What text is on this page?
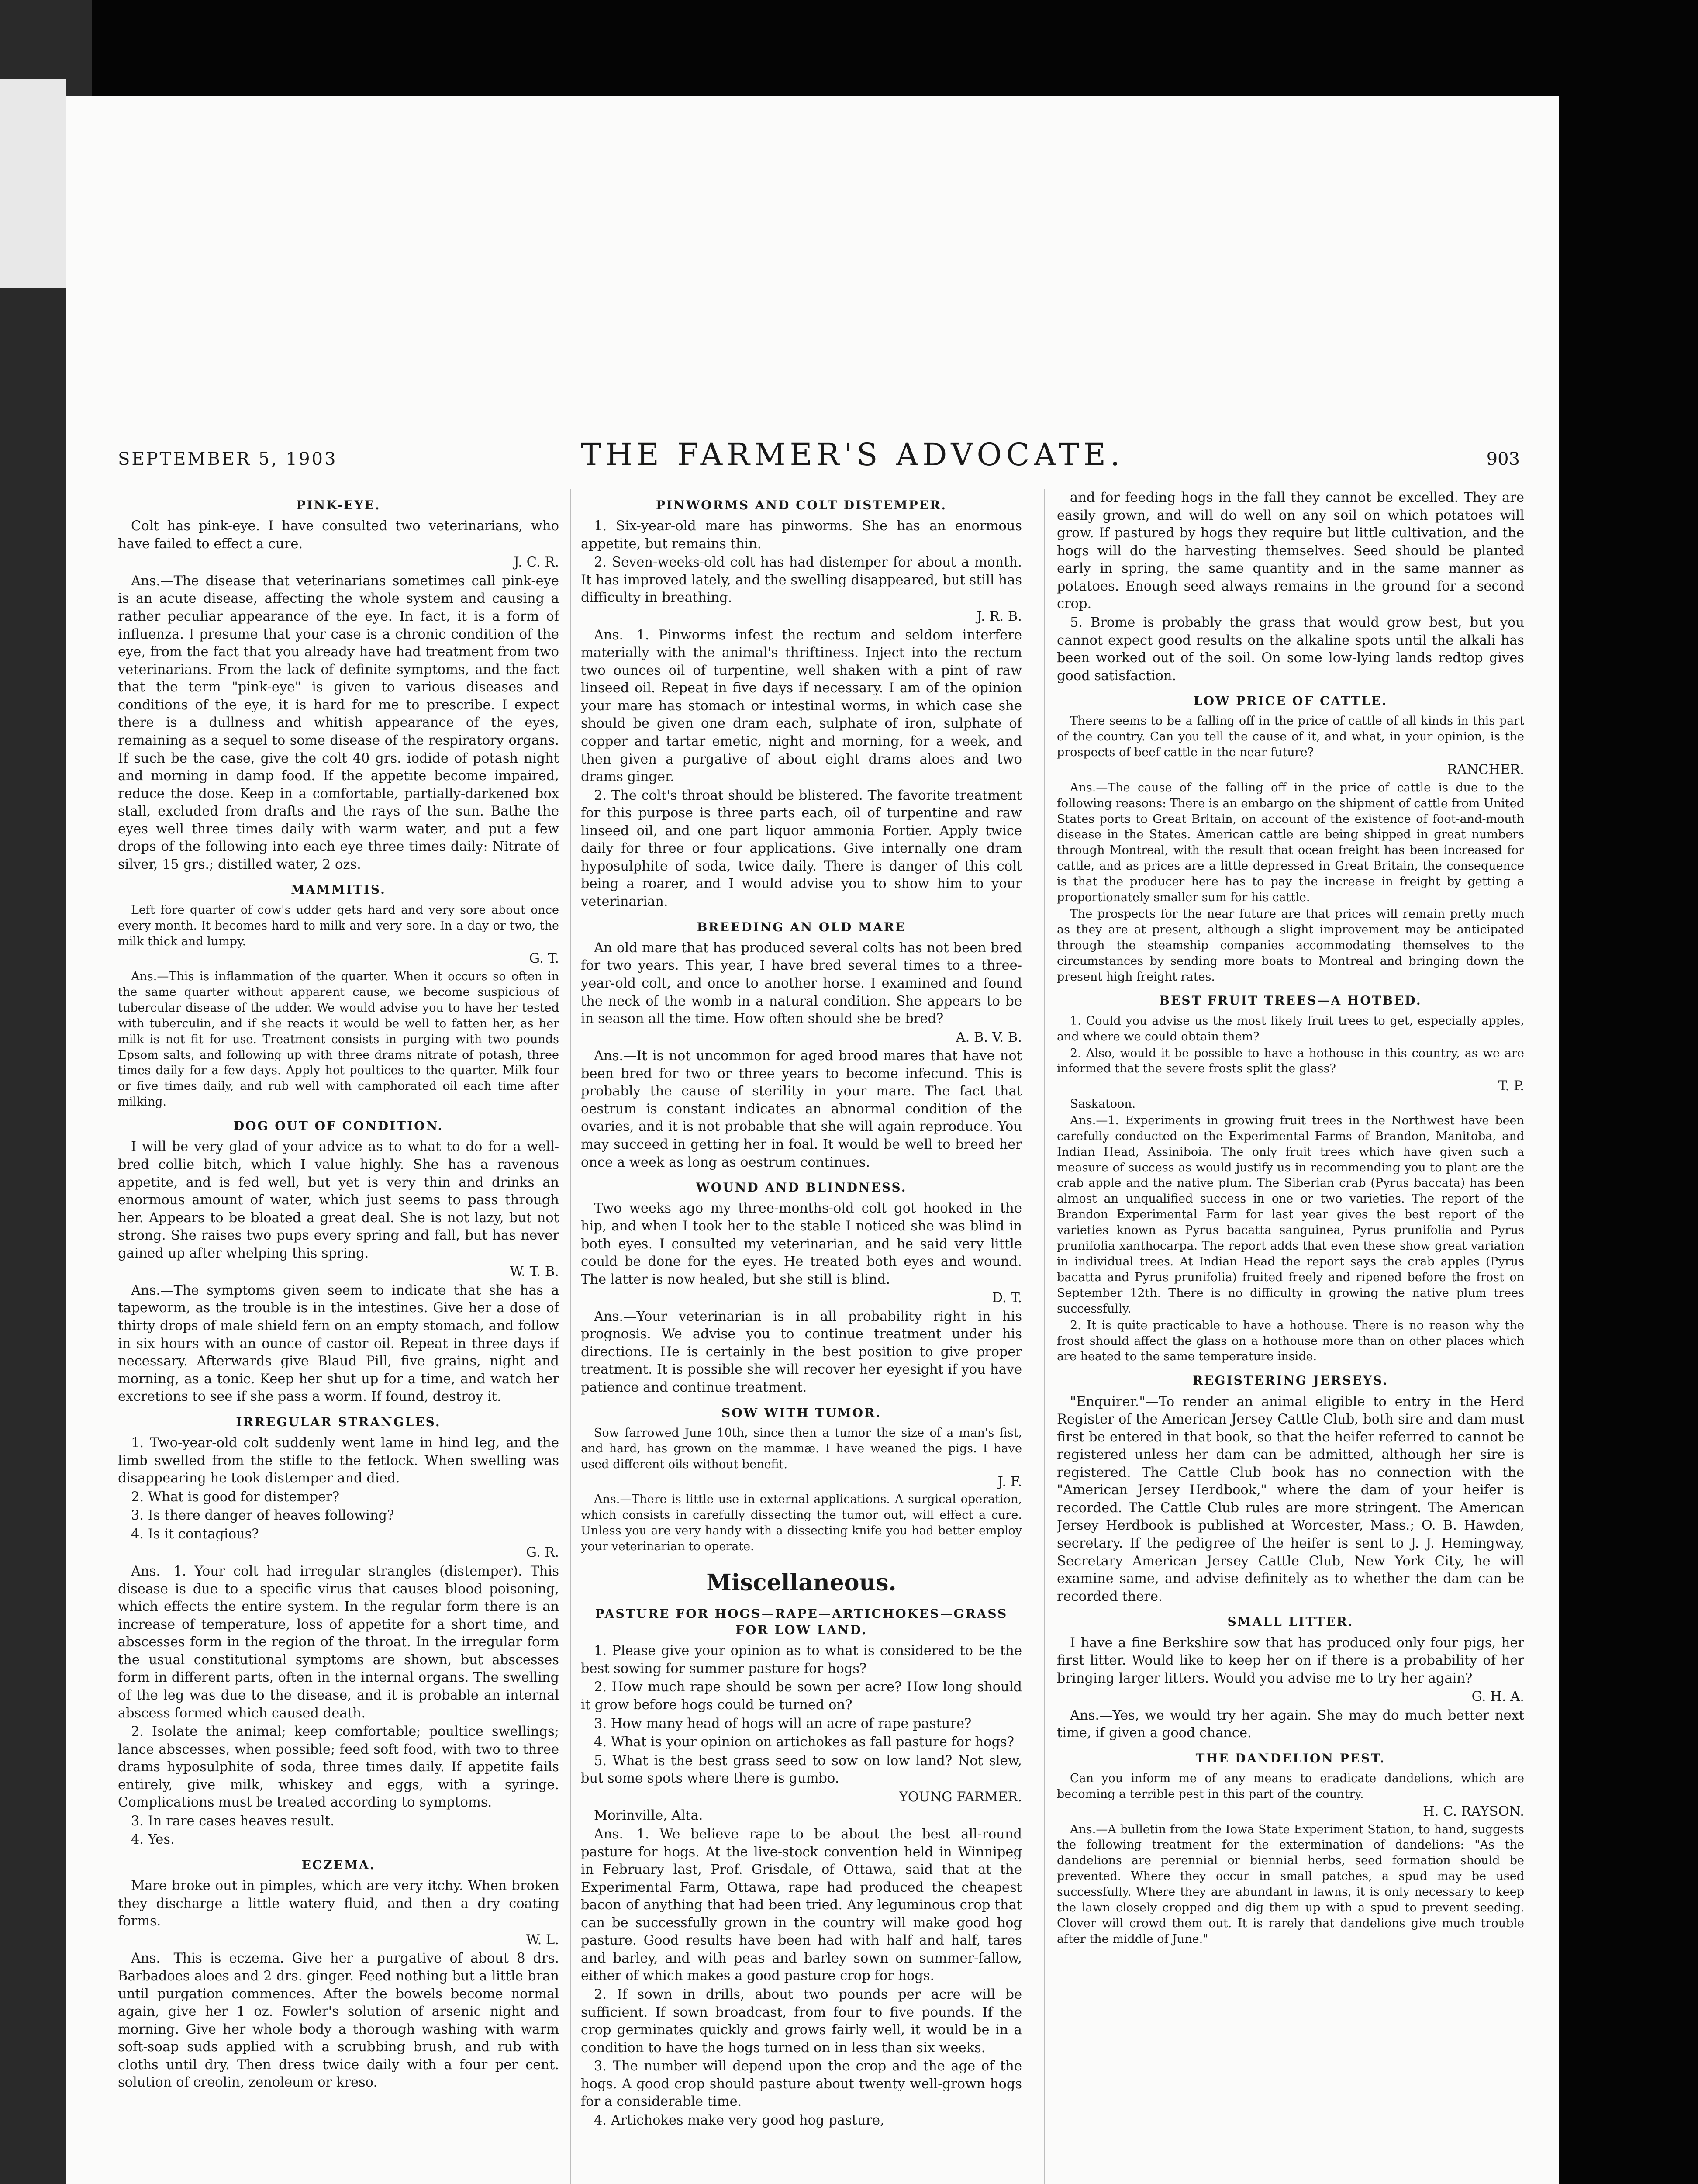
SEPTEMBER 5, 1903	THE FARMER'S ADVOCATE.	903
PINK-EYE.

Colt has pink-eye. I have consulted two veterinarians, who have failed to effect a cure.

J. C. R.

Ans.—The disease that veterinarians sometimes call pink-eye is an acute disease, affecting the whole system and causing a rather peculiar appearance of the eye. In fact, it is a form of influenza. I presume that your case is a chronic condition of the eye, from the fact that you already have had treatment from two veterinarians. From the lack of definite symptoms, and the fact that the term "pink-eye" is given to various diseases and conditions of the eye, it is hard for me to prescribe. I expect there is a dullness and whitish appearance of the eyes, remaining as a sequel to some disease of the respiratory organs. If such be the case, give the colt 40 grs. iodide of potash night and morning in damp food. If the appetite become impaired, reduce the dose. Keep in a comfortable, partially-darkened box stall, excluded from drafts and the rays of the sun. Bathe the eyes well three times daily with warm water, and put a few drops of the following into each eye three times daily: Nitrate of silver, 15 grs.; distilled water, 2 ozs.

MAMMITIS.

Left fore quarter of cow's udder gets hard and very sore about once every month. It becomes hard to milk and very sore. In a day or two, the milk thick and lumpy.

G. T.

Ans.—This is inflammation of the quarter. When it occurs so often in the same quarter without apparent cause, we become suspicious of tubercular disease of the udder. We would advise you to have her tested with tuberculin, and if she reacts it would be well to fatten her, as her milk is not fit for use. Treatment consists in purging with two pounds Epsom salts, and following up with three drams nitrate of potash, three times daily for a few days. Apply hot poultices to the quarter. Milk four or five times daily, and rub well with camphorated oil each time after milking.

DOG OUT OF CONDITION.

I will be very glad of your advice as to what to do for a well-bred collie bitch, which I value highly. She has a ravenous appetite, and is fed well, but yet is very thin and drinks an enormous amount of water, which just seems to pass through her. Appears to be bloated a great deal. She is not lazy, but not strong. She raises two pups every spring and fall, but has never gained up after whelping this spring.

W. T. B.

Ans.—The symptoms given seem to indicate that she has a tapeworm, as the trouble is in the intestines. Give her a dose of thirty drops of male shield fern on an empty stomach, and follow in six hours with an ounce of castor oil. Repeat in three days if necessary. Afterwards give Blaud Pill, five grains, night and morning, as a tonic. Keep her shut up for a time, and watch her excretions to see if she pass a worm. If found, destroy it.

IRREGULAR STRANGLES.

1. Two-year-old colt suddenly went lame in hind leg, and the limb swelled from the stifle to the fetlock. When swelling was disappearing he took distemper and died.

2. What is good for distemper?

3. Is there danger of heaves following?

4. Is it contagious?

G. R.

Ans.—1. Your colt had irregular strangles (distemper). This disease is due to a specific virus that causes blood poisoning, which effects the entire system. In the regular form there is an increase of temperature, loss of appetite for a short time, and abscesses form in the region of the throat. In the irregular form the usual constitutional symptoms are shown, but abscesses form in different parts, often in the internal organs. The swelling of the leg was due to the disease, and it is probable an internal abscess formed which caused death.

2. Isolate the animal; keep comfortable; poultice swellings; lance abscesses, when possible; feed soft food, with two to three drams hyposulphite of soda, three times daily. If appetite fails entirely, give milk, whiskey and eggs, with a syringe. Complications must be treated according to symptoms.

3. In rare cases heaves result.

4. Yes.

ECZEMA.

Mare broke out in pimples, which are very itchy. When broken they discharge a little watery fluid, and then a dry coating forms.

W. L.

Ans.—This is eczema. Give her a purgative of about 8 drs. Barbadoes aloes and 2 drs. ginger. Feed nothing but a little bran until purgation commences. After the bowels become normal again, give her 1 oz. Fowler's solution of arsenic night and morning. Give her whole body a thorough washing with warm soft-soap suds applied with a scrubbing brush, and rub with cloths until dry. Then dress twice daily with a four per cent. solution of creolin, zenoleum or kreso.

PINWORMS AND COLT DISTEMPER.

1. Six-year-old mare has pinworms. She has an enormous appetite, but remains thin.

2. Seven-weeks-old colt has had distemper for about a month. It has improved lately, and the swelling disappeared, but still has difficulty in breathing.

J. R. B.

Ans.—1. Pinworms infest the rectum and seldom interfere materially with the animal's thriftiness. Inject into the rectum two ounces oil of turpentine, well shaken with a pint of raw linseed oil. Repeat in five days if necessary. I am of the opinion your mare has stomach or intestinal worms, in which case she should be given one dram each, sulphate of iron, sulphate of copper and tartar emetic, night and morning, for a week, and then given a purgative of about eight drams aloes and two drams ginger.

2. The colt's throat should be blistered. The favorite treatment for this purpose is three parts each, oil of turpentine and raw linseed oil, and one part liquor ammonia Fortier. Apply twice daily for three or four applications. Give internally one dram hyposulphite of soda, twice daily. There is danger of this colt being a roarer, and I would advise you to show him to your veterinarian.

BREEDING AN OLD MARE

An old mare that has produced several colts has not been bred for two years. This year, I have bred several times to a three-year-old colt, and once to another horse. I examined and found the neck of the womb in a natural condition. She appears to be in season all the time. How often should she be bred?

A. B. V. B.

Ans.—It is not uncommon for aged brood mares that have not been bred for two or three years to become infecund. This is probably the cause of sterility in your mare. The fact that oestrum is constant indicates an abnormal condition of the ovaries, and it is not probable that she will again reproduce. You may succeed in getting her in foal. It would be well to breed her once a week as long as oestrum continues.

WOUND AND BLINDNESS.

Two weeks ago my three-months-old colt got hooked in the hip, and when I took her to the stable I noticed she was blind in both eyes. I consulted my veterinarian, and he said very little could be done for the eyes. He treated both eyes and wound. The latter is now healed, but she still is blind.

D. T.

Ans.—Your veterinarian is in all probability right in his prognosis. We advise you to continue treatment under his directions. He is certainly in the best position to give proper treatment. It is possible she will recover her eyesight if you have patience and continue treatment.

SOW WITH TUMOR.

Sow farrowed June 10th, since then a tumor the size of a man's fist, and hard, has grown on the mammæ. I have weaned the pigs. I have used different oils without benefit.

J. F.

Ans.—There is little use in external applications. A surgical operation, which consists in carefully dissecting the tumor out, will effect a cure. Unless you are very handy with a dissecting knife you had better employ your veterinarian to operate.

Miscellaneous.
PASTURE FOR HOGS—RAPE—ARTICHOKES—GRASS FOR LOW LAND.

1. Please give your opinion as to what is considered to be the best sowing for summer pasture for hogs?

2. How much rape should be sown per acre? How long should it grow before hogs could be turned on?

3. How many head of hogs will an acre of rape pasture?

4. What is your opinion on artichokes as fall pasture for hogs?

5. What is the best grass seed to sow on low land? Not slew, but some spots where there is gumbo.

YOUNG FARMER.

Morinville, Alta.

Ans.—1. We believe rape to be about the best all-round pasture for hogs. At the live-stock convention held in Winnipeg in February last, Prof. Grisdale, of Ottawa, said that at the Experimental Farm, Ottawa, rape had produced the cheapest bacon of anything that had been tried. Any leguminous crop that can be successfully grown in the country will make good hog pasture. Good results have been had with half and half, tares and barley, and with peas and barley sown on summer-fallow, either of which makes a good pasture crop for hogs.

2. If sown in drills, about two pounds per acre will be sufficient. If sown broadcast, from four to five pounds. If the crop germinates quickly and grows fairly well, it would be in a condition to have the hogs turned on in less than six weeks.

3. The number will depend upon the crop and the age of the hogs. A good crop should pasture about twenty well-grown hogs for a considerable time.

4. Artichokes make very good hog pasture,

and for feeding hogs in the fall they cannot be excelled. They are easily grown, and will do well on any soil on which potatoes will grow. If pastured by hogs they require but little cultivation, and the hogs will do the harvesting themselves. Seed should be planted early in spring, the same quantity and in the same manner as potatoes. Enough seed always remains in the ground for a second crop.

5. Brome is probably the grass that would grow best, but you cannot expect good results on the alkaline spots until the alkali has been worked out of the soil. On some low-lying lands redtop gives good satisfaction.

LOW PRICE OF CATTLE.

There seems to be a falling off in the price of cattle of all kinds in this part of the country. Can you tell the cause of it, and what, in your opinion, is the prospects of beef cattle in the near future?

RANCHER.

Ans.—The cause of the falling off in the price of cattle is due to the following reasons: There is an embargo on the shipment of cattle from United States ports to Great Britain, on account of the existence of foot-and-mouth disease in the States. American cattle are being shipped in great numbers through Montreal, with the result that ocean freight has been increased for cattle, and as prices are a little depressed in Great Britain, the consequence is that the producer here has to pay the increase in freight by getting a proportionately smaller sum for his cattle.

The prospects for the near future are that prices will remain pretty much as they are at present, although a slight improvement may be anticipated through the steamship companies accommodating themselves to the circumstances by sending more boats to Montreal and bringing down the present high freight rates.

BEST FRUIT TREES—A HOTBED.

1. Could you advise us the most likely fruit trees to get, especially apples, and where we could obtain them?

2. Also, would it be possible to have a hothouse in this country, as we are informed that the severe frosts split the glass?

T. P.

Saskatoon.

Ans.—1. Experiments in growing fruit trees in the Northwest have been carefully conducted on the Experimental Farms of Brandon, Manitoba, and Indian Head, Assiniboia. The only fruit trees which have given such a measure of success as would justify us in recommending you to plant are the crab apple and the native plum. The Siberian crab (Pyrus baccata) has been almost an unqualified success in one or two varieties. The report of the Brandon Experimental Farm for last year gives the best report of the varieties known as Pyrus bacatta sanguinea, Pyrus prunifolia and Pyrus prunifolia xanthocarpa. The report adds that even these show great variation in individual trees. At Indian Head the report says the crab apples (Pyrus bacatta and Pyrus prunifolia) fruited freely and ripened before the frost on September 12th. There is no difficulty in growing the native plum trees successfully.

2. It is quite practicable to have a hothouse. There is no reason why the frost should affect the glass on a hothouse more than on other places which are heated to the same temperature inside.

REGISTERING JERSEYS.

"Enquirer."—To render an animal eligible to entry in the Herd Register of the American Jersey Cattle Club, both sire and dam must first be entered in that book, so that the heifer referred to cannot be registered unless her dam can be admitted, although her sire is registered. The Cattle Club book has no connection with the "American Jersey Herdbook," where the dam of your heifer is recorded. The Cattle Club rules are more stringent. The American Jersey Herdbook is published at Worcester, Mass.; O. B. Hawden, secretary. If the pedigree of the heifer is sent to J. J. Hemingway, Secretary American Jersey Cattle Club, New York City, he will examine same, and advise definitely as to whether the dam can be recorded there.

SMALL LITTER.

I have a fine Berkshire sow that has produced only four pigs, her first litter. Would like to keep her on if there is a probability of her bringing larger litters. Would you advise me to try her again?

G. H. A.

Ans.—Yes, we would try her again. She may do much better next time, if given a good chance.

THE DANDELION PEST.

Can you inform me of any means to eradicate dandelions, which are becoming a terrible pest in this part of the country.

H. C. RAYSON.

Ans.—A bulletin from the Iowa State Experiment Station, to hand, suggests the following treatment for the extermination of dandelions: "As the dandelions are perennial or biennial herbs, seed formation should be prevented. Where they occur in small patches, a spud may be used successfully. Where they are abundant in lawns, it is only necessary to keep the lawn closely cropped and dig them up with a spud to prevent seeding. Clover will crowd them out. It is rarely that dandelions give much trouble after the middle of June."
